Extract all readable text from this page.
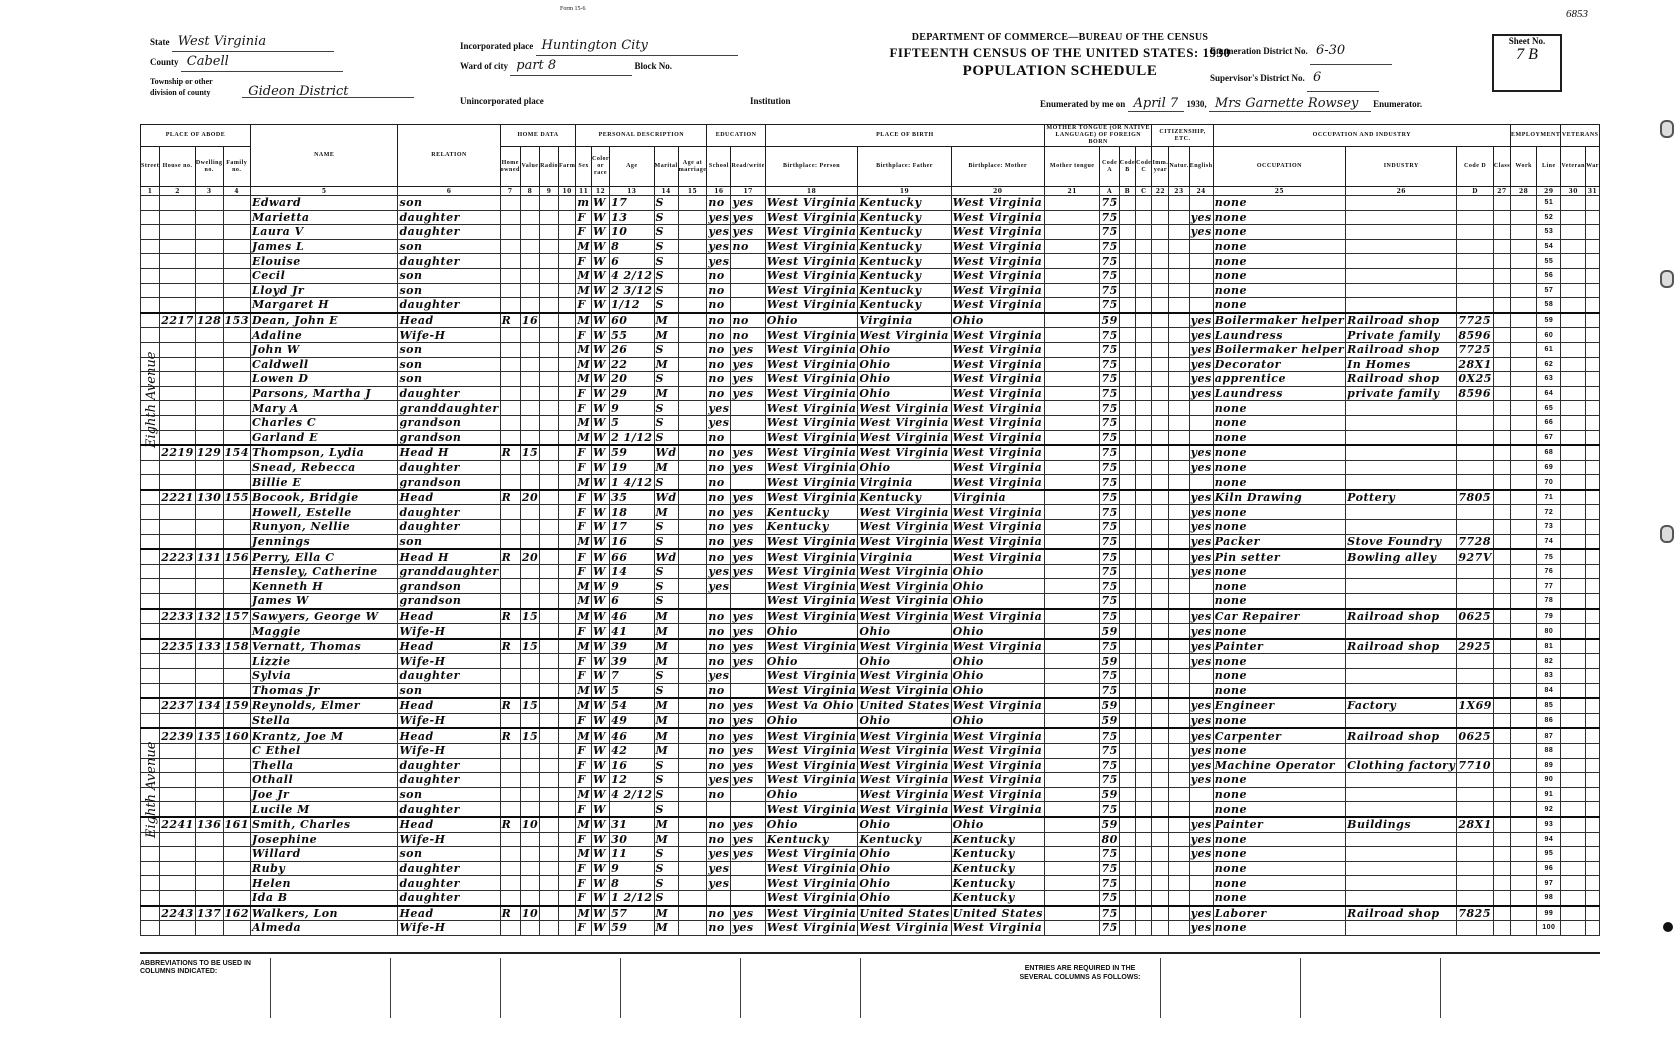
Form 15-6
DEPARTMENT OF COMMERCE—BUREAU OF THE CENSUS
FIFTEENTH CENSUS OF THE UNITED STATES: 1930
POPULATION SCHEDULE
State West Virginia
County Cabell
Township or other division of county	Gideon District
Incorporated place Huntington City
Ward of city part 8	Block No.
Unincorporated place	Institution
Enumeration District No. 6-30
Supervisor's District No. 6
Sheet No.
7 B
6853
Enumerated by me on April 7 1930, Mrs Garnette Rowsey Enumerator.
PLACE OF ABODE				NAME	RELATION	HOME DATA				PERSONAL DESCRIPTION					EDUCATION		PLACE OF BIRTH			MOTHER TONGUE (OR NATIVE LANGUAGE) OF FOREIGN BORN				CITIZENSHIP, ETC.			OCCUPATION AND INDUSTRY				EMPLOYMENT		VETERANS	
Street	House no.	Dwelling no.	Family no.			Home owned	Value	Radio	Farm	Sex	Color or race	Age	Marital	Age at marriage	School	Read/write	Birthplace: Person	Birthplace: Father	Birthplace: Mother	Mother tongue	Code A	Code B	Code C	Imm. year	Natur.	English	OCCUPATION	INDUSTRY	Code D	Class	Work	Line	Veteran	War
1	2	3	4	5	6	7	8	9	10	11	12	13	14	15	16	17	18	19	20	21	A	B	C	22	23	24	25	26	D	27	28	29	30	31
				Edward	son					m	W	17	S		no	yes	West Virginia	Kentucky	West Virginia		75						none					51		
				Marietta	daughter					F	W	13	S		yes	yes	West Virginia	Kentucky	West Virginia		75					yes	none					52		
				Laura V	daughter					F	W	10	S		yes	yes	West Virginia	Kentucky	West Virginia		75					yes	none					53		
				James L	son					M	W	8	S		yes	no	West Virginia	Kentucky	West Virginia		75						none					54		
				Elouise	daughter					F	W	6	S		yes		West Virginia	Kentucky	West Virginia		75						none					55		
				Cecil	son					M	W	4 2/12	S		no		West Virginia	Kentucky	West Virginia		75						none					56		
				Lloyd Jr	son					M	W	2 3/12	S		no		West Virginia	Kentucky	West Virginia		75						none					57		
				Margaret H	daughter					F	W	1/12	S		no		West Virginia	Kentucky	West Virginia		75						none					58		
	2217	128	153	Dean, John E	Head	R	16			M	W	60	M		no	no	Ohio	Virginia	Ohio		59					yes	Boilermaker helper	Railroad shop	7725			59		
				Adaline	Wife-H					F	W	55	M		no	no	West Virginia	West Virginia	West Virginia		75					yes	Laundress	Private family	8596			60		
				John W	son					M	W	26	S		no	yes	West Virginia	Ohio	West Virginia		75					yes	Boilermaker helper	Railroad shop	7725			61		
				Caldwell	son					M	W	22	M		no	yes	West Virginia	Ohio	West Virginia		75					yes	Decorator	In Homes	28X1			62		
				Lowen D	son					M	W	20	S		no	yes	West Virginia	Ohio	West Virginia		75					yes	apprentice	Railroad shop	0X25			63		
				Parsons, Martha J	daughter					F	W	29	M		no	yes	West Virginia	Ohio	West Virginia		75					yes	Laundress	private family	8596			64		
				Mary A	granddaughter					F	W	9	S		yes		West Virginia	West Virginia	West Virginia		75						none					65		
				Charles C	grandson					M	W	5	S		yes		West Virginia	West Virginia	West Virginia		75						none					66		
				Garland E	grandson					M	W	2 1/12	S		no		West Virginia	West Virginia	West Virginia		75						none					67		
	2219	129	154	Thompson, Lydia	Head H	R	15			F	W	59	Wd		no	yes	West Virginia	West Virginia	West Virginia		75					yes	none					68		
				Snead, Rebecca	daughter					F	W	19	M		no	yes	West Virginia	Ohio	West Virginia		75					yes	none					69		
				Billie E	grandson					M	W	1 4/12	S		no		West Virginia	Virginia	West Virginia		75						none					70		
	2221	130	155	Bocook, Bridgie	Head	R	20			F	W	35	Wd		no	yes	West Virginia	Kentucky	Virginia		75					yes	Kiln Drawing	Pottery	7805			71		
				Howell, Estelle	daughter					F	W	18	M		no	yes	Kentucky	West Virginia	West Virginia		75					yes	none					72		
				Runyon, Nellie	daughter					F	W	17	S		no	yes	Kentucky	West Virginia	West Virginia		75					yes	none					73		
				Jennings	son					M	W	16	S		no	yes	West Virginia	West Virginia	West Virginia		75					yes	Packer	Stove Foundry	7728			74		
	2223	131	156	Perry, Ella C	Head H	R	20			F	W	66	Wd		no	yes	West Virginia	Virginia	West Virginia		75					yes	Pin setter	Bowling alley	927V			75		
				Hensley, Catherine	granddaughter					F	W	14	S		yes	yes	West Virginia	West Virginia	Ohio		75					yes	none					76		
				Kenneth H	grandson					M	W	9	S		yes		West Virginia	West Virginia	Ohio		75						none					77		
				James W	grandson					M	W	6	S				West Virginia	West Virginia	Ohio		75						none					78		
	2233	132	157	Sawyers, George W	Head	R	15			M	W	46	M		no	yes	West Virginia	West Virginia	West Virginia		75					yes	Car Repairer	Railroad shop	0625			79		
				Maggie	Wife-H					F	W	41	M		no	yes	Ohio	Ohio	Ohio		59					yes	none					80		
	2235	133	158	Vernatt, Thomas	Head	R	15			M	W	39	M		no	yes	West Virginia	West Virginia	West Virginia		75					yes	Painter	Railroad shop	2925			81		
				Lizzie	Wife-H					F	W	39	M		no	yes	Ohio	Ohio	Ohio		59					yes	none					82		
				Sylvia	daughter					F	W	7	S		yes		West Virginia	West Virginia	Ohio		75						none					83		
				Thomas Jr	son					M	W	5	S		no		West Virginia	West Virginia	Ohio		75						none					84		
	2237	134	159	Reynolds, Elmer	Head	R	15			M	W	54	M		no	yes	West Va Ohio	United States	West Virginia		59					yes	Engineer	Factory	1X69			85		
				Stella	Wife-H					F	W	49	M		no	yes	Ohio	Ohio	Ohio		59					yes	none					86		
	2239	135	160	Krantz, Joe M	Head	R	15			M	W	46	M		no	yes	West Virginia	West Virginia	West Virginia		75					yes	Carpenter	Railroad shop	0625			87		
				C Ethel	Wife-H					F	W	42	M		no	yes	West Virginia	West Virginia	West Virginia		75					yes	none					88		
				Thella	daughter					F	W	16	S		no	yes	West Virginia	West Virginia	West Virginia		75					yes	Machine Operator	Clothing factory	7710			89		
				Othall	daughter					F	W	12	S		yes	yes	West Virginia	West Virginia	West Virginia		75					yes	none					90		
				Joe Jr	son					M	W	4 2/12	S		no		Ohio	West Virginia	West Virginia		59						none					91		
				Lucile M	daughter					F	W		S				West Virginia	West Virginia	West Virginia		75						none					92		
	2241	136	161	Smith, Charles	Head	R	10			M	W	31	M		no	yes	Ohio	Ohio	Ohio		59					yes	Painter	Buildings	28X1			93		
				Josephine	Wife-H					F	W	30	M		no	yes	Kentucky	Kentucky	Kentucky		80					yes	none					94		
				Willard	son					M	W	11	S		yes	yes	West Virginia	Ohio	Kentucky		75					yes	none					95		
				Ruby	daughter					F	W	9	S		yes		West Virginia	Ohio	Kentucky		75						none					96		
				Helen	daughter					F	W	8	S		yes		West Virginia	Ohio	Kentucky		75						none					97		
				Ida B	daughter					F	W	1 2/12	S				West Virginia	Ohio	Kentucky		75						none					98		
	2243	137	162	Walkers, Lon	Head	R	10			M	W	57	M		no	yes	West Virginia	United States	United States		75					yes	Laborer	Railroad shop	7825			99		
				Almeda	Wife-H					F	W	59	M		no	yes	West Virginia	West Virginia	West Virginia		75					yes	none					100		
Eighth Avenue
Eighth Avenue
ABBREVIATIONS TO BE USED IN COLUMNS INDICATED:	ENTRIES ARE REQUIRED IN THE SEVERAL COLUMNS AS FOLLOWS:
